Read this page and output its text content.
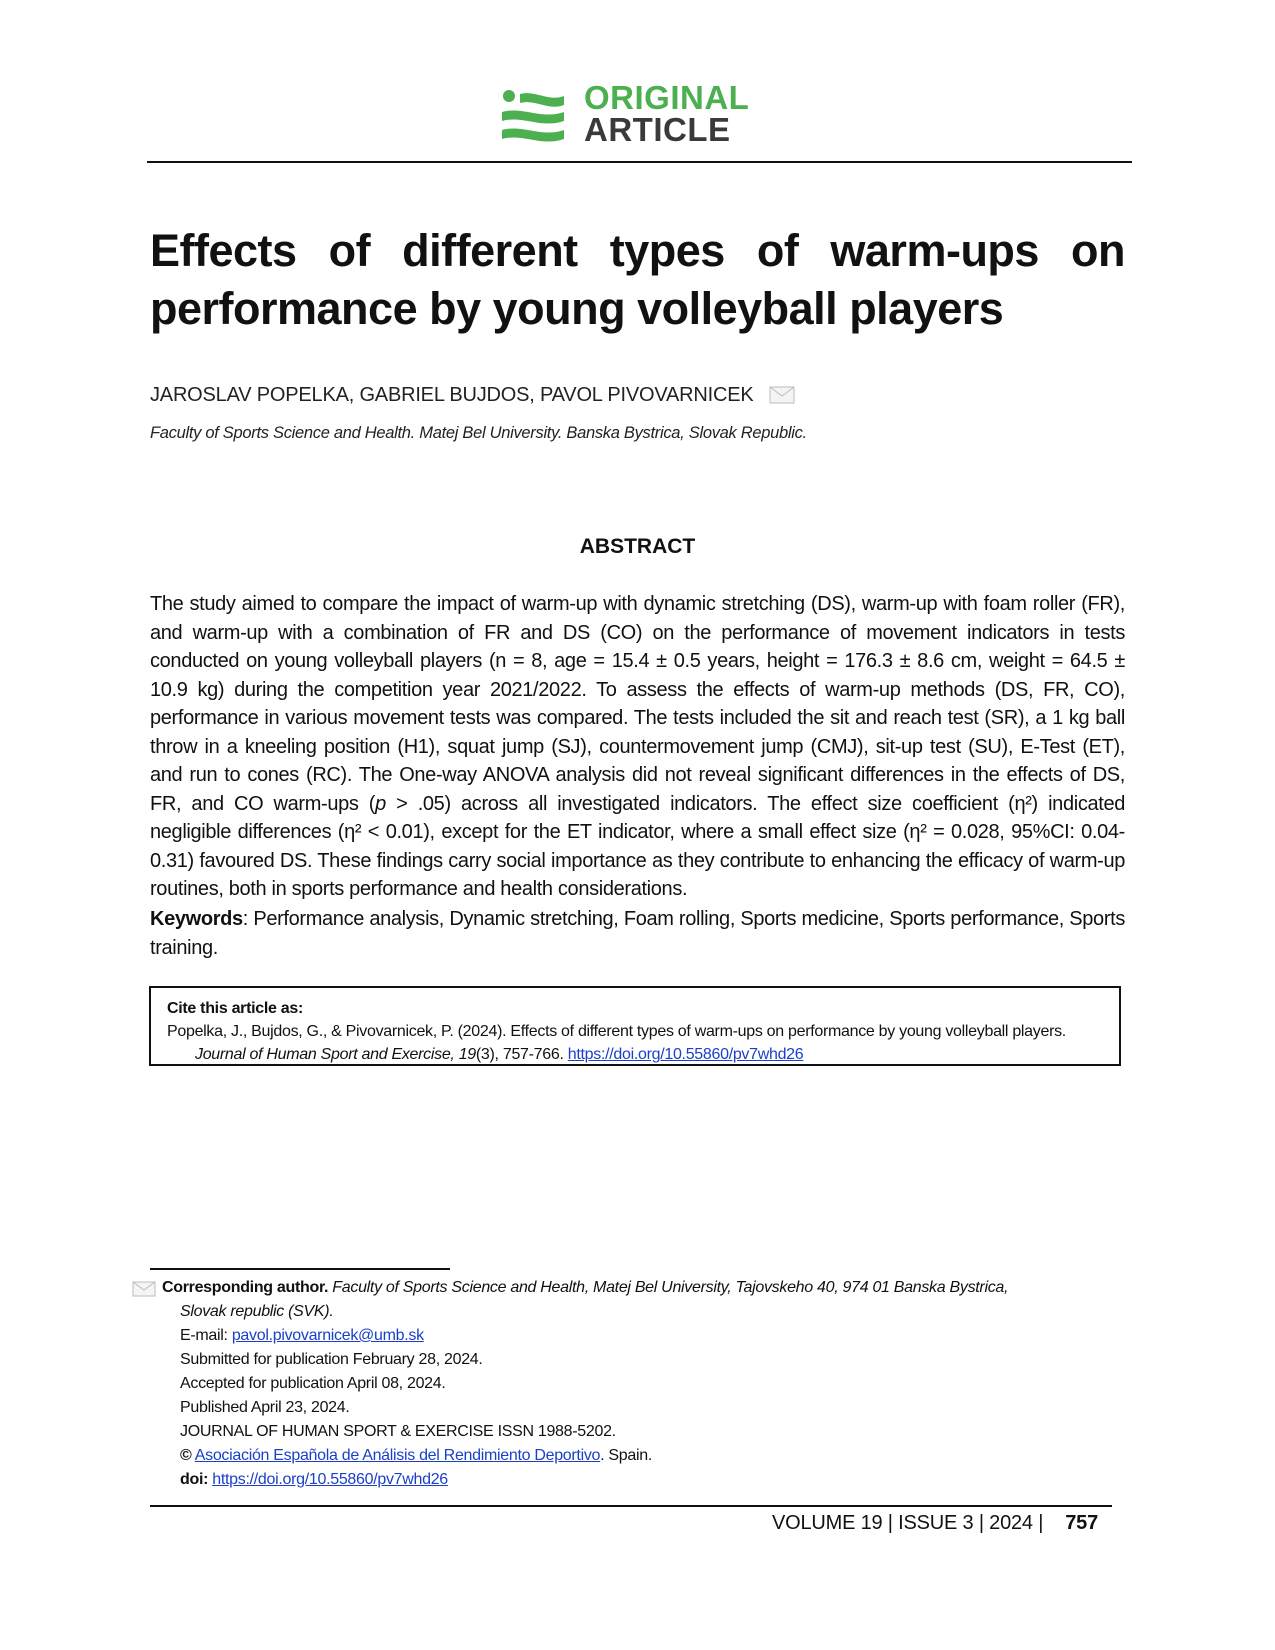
ORIGINAL
ARTICLE
Effects of different types of warm-ups on performance by young volleyball players
JAROSLAV POPELKA, GABRIEL BUJDOS, PAVOL PIVOVARNICEK
Faculty of Sports Science and Health. Matej Bel University. Banska Bystrica, Slovak Republic.
ABSTRACT
The study aimed to compare the impact of warm-up with dynamic stretching (DS), warm-up with foam roller (FR), and warm-up with a combination of FR and DS (CO) on the performance of movement indicators in tests conducted on young volleyball players (n = 8, age = 15.4 ± 0.5 years, height = 176.3 ± 8.6 cm, weight = 64.5 ± 10.9 kg) during the competition year 2021/2022. To assess the effects of warm-up methods (DS, FR, CO), performance in various movement tests was compared. The tests included the sit and reach test (SR), a 1 kg ball throw in a kneeling position (H1), squat jump (SJ), countermovement jump (CMJ), sit-up test (SU), E-Test (ET), and run to cones (RC). The One-way ANOVA analysis did not reveal significant differences in the effects of DS, FR, and CO warm-ups (p > .05) across all investigated indicators. The effect size coefficient (η²) indicated negligible differences (η² < 0.01), except for the ET indicator, where a small effect size (η² = 0.028, 95%CI: 0.04-0.31) favoured DS. These findings carry social importance as they contribute to enhancing the efficacy of warm-up routines, both in sports performance and health considerations.
Keywords: Performance analysis, Dynamic stretching, Foam rolling, Sports medicine, Sports performance, Sports training.
Cite this article as:
Popelka, J., Bujdos, G., & Pivovarnicek, P. (2024). Effects of different types of warm-ups on performance by young volleyball players. Journal of Human Sport and Exercise, 19(3), 757-766. https://doi.org/10.55860/pv7whd26
Corresponding author. Faculty of Sports Science and Health, Matej Bel University, Tajovskeho 40, 974 01 Banska Bystrica,
Slovak republic (SVK).
E-mail: pavol.pivovarnicek@umb.sk
Submitted for publication February 28, 2024.
Accepted for publication April 08, 2024.
Published April 23, 2024.
JOURNAL OF HUMAN SPORT & EXERCISE ISSN 1988-5202.
© Asociación Española de Análisis del Rendimiento Deportivo. Spain.
doi: https://doi.org/10.55860/pv7whd26
VOLUME 19 | ISSUE 3 | 2024 | 757
